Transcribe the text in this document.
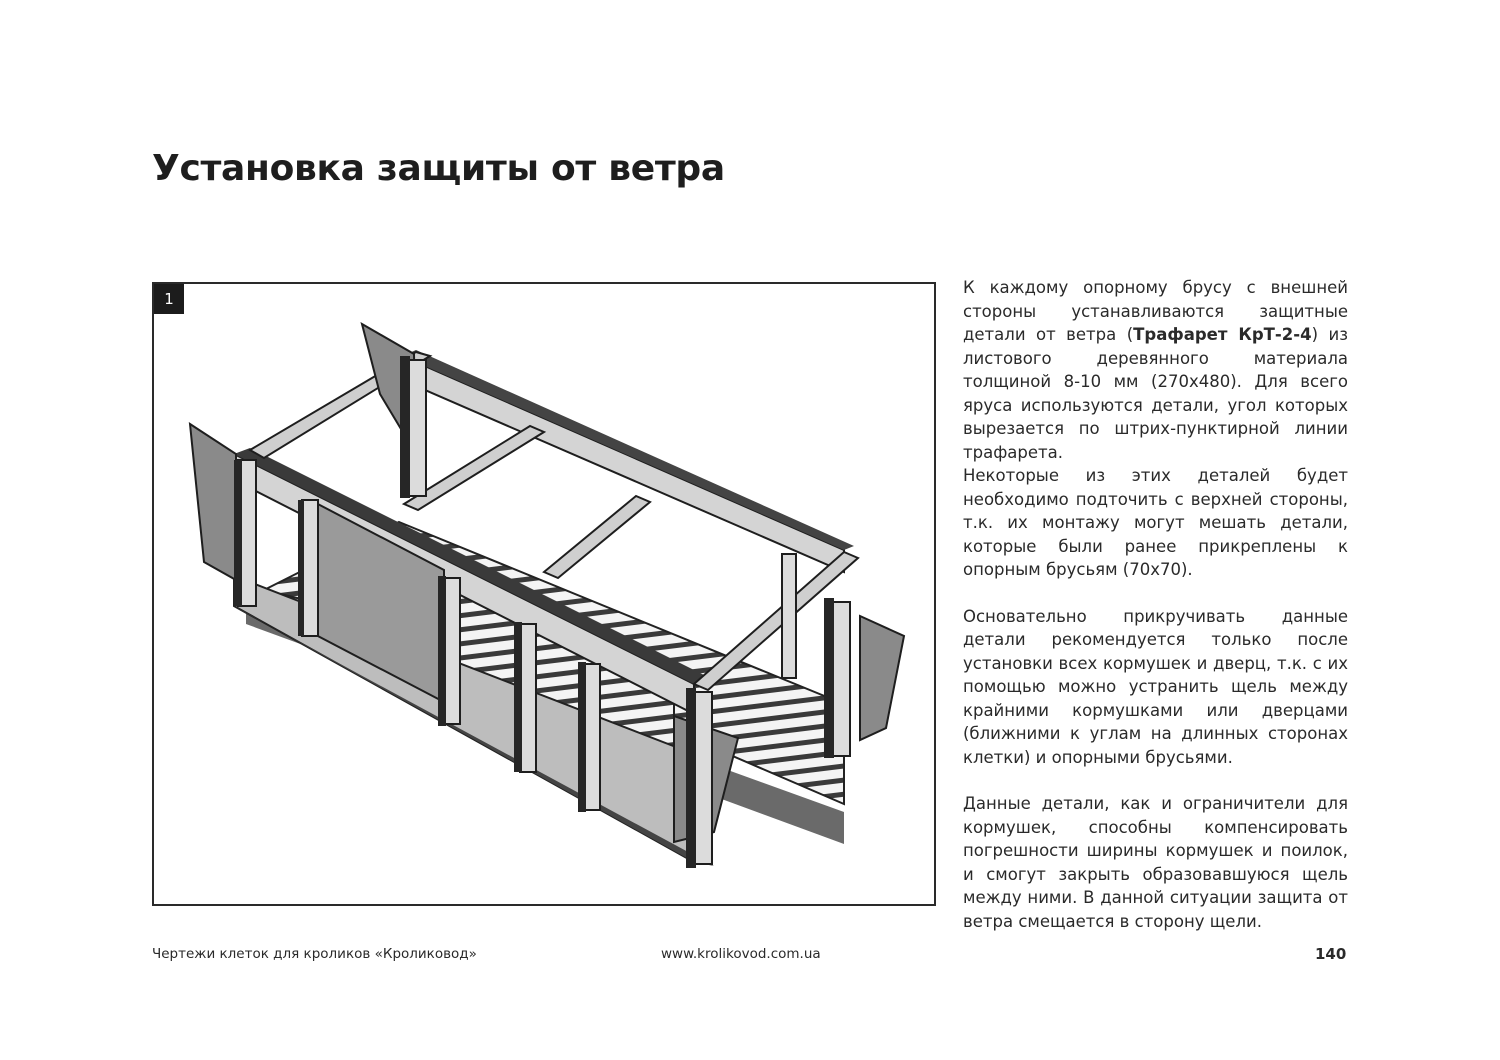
Установка защиты от ветра
1

К каждому опорному брусу с внешней стороны устанавливаются защитные детали от ветра (Трафарет КрТ-2-4) из листового деревянного материала толщиной 8-10 мм (270х480). Для всего яруса используются детали, угол которых вырезается по штрих-пунктирной линии трафарета.

Некоторые из этих деталей будет необходимо подточить с верхней стороны, т.к. их монтажу могут мешать детали, которые были ранее прикреплены к опорным брусьям (70х70).

Основательно прикручивать данные детали рекомендуется только после установки всех кормушек и дверц, т.к. с их помощью можно устранить щель между крайними кормушками или дверцами (ближними к углам на длинных сторонах клетки) и опорными брусьями.

Данные детали, как и ограничители для кормушек, способны компенсировать погрешности ширины кормушек и поилок, и смогут закрыть образовавшуюся щель между ними. В данной ситуации защита от ветра смещается в сторону щели.

Чертежи клеток для кроликов «Кроликовод»	www.krolikovod.com.ua	140
